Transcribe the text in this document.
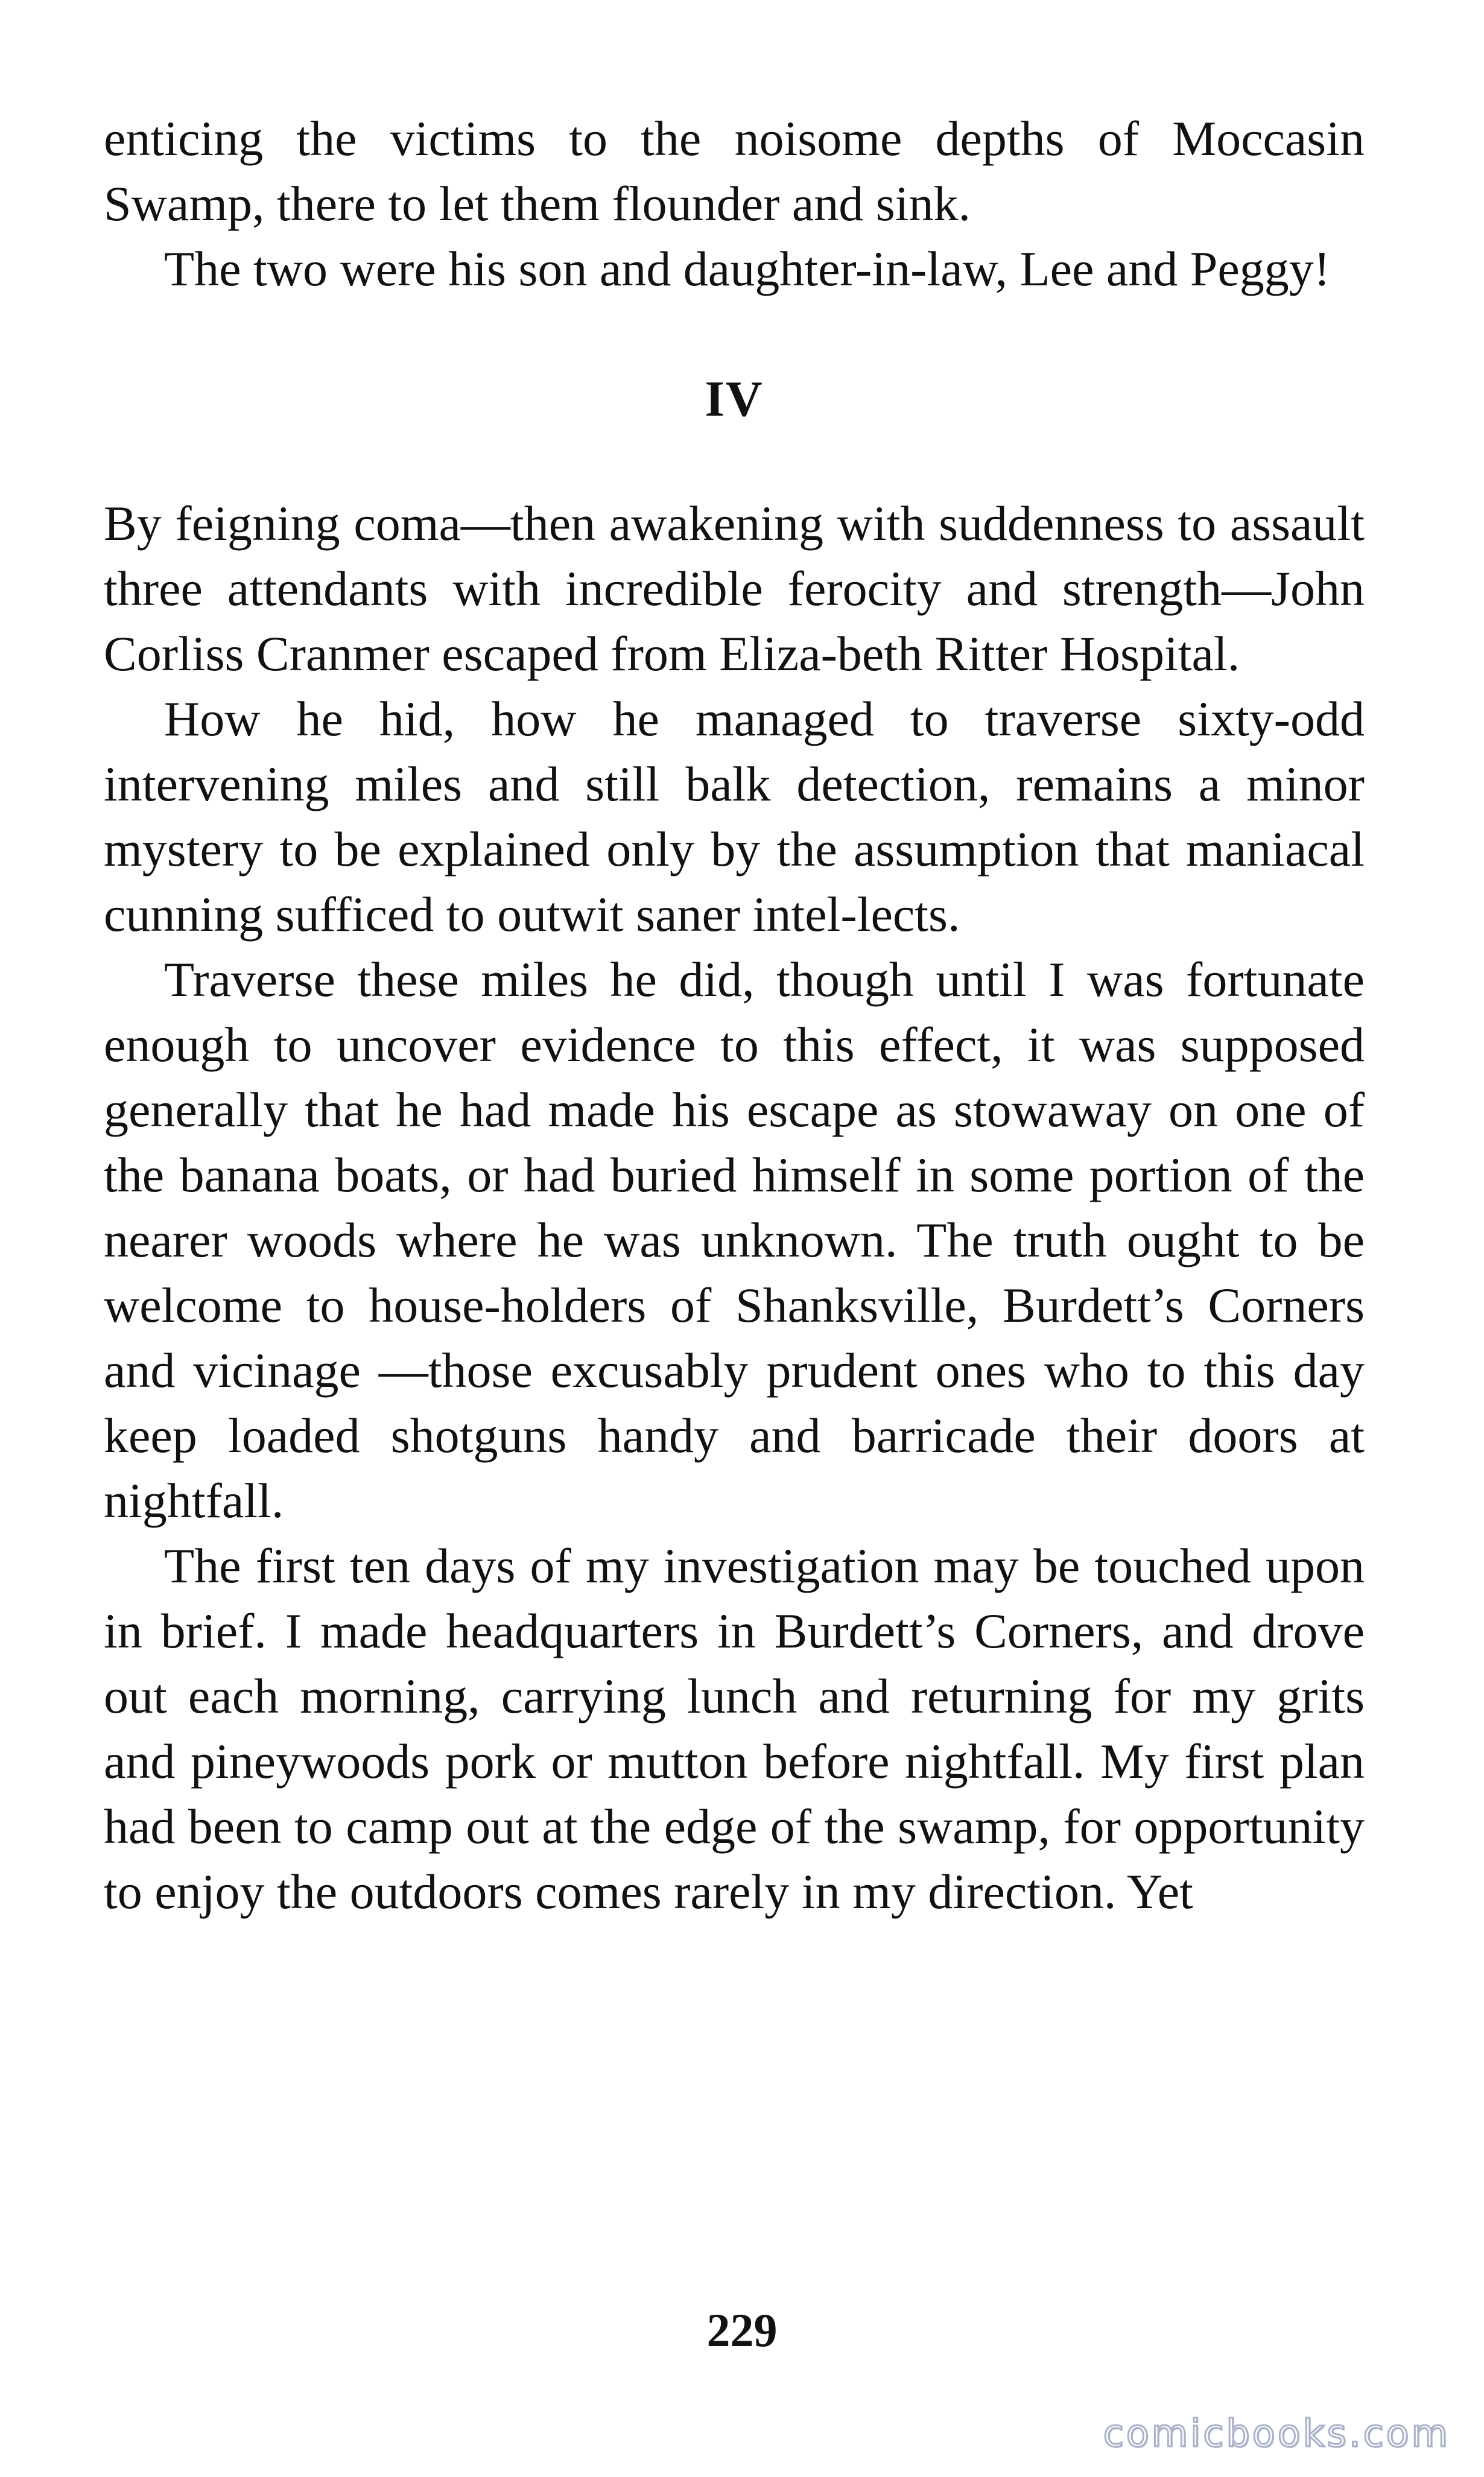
enticing the victims to the noisome depths of Moccasin Swamp, there to let them flounder and sink.

The two were his son and daughter-in-law, Lee and Peggy!

IV

By feigning coma—then awakening with suddenness to assault three attendants with incredible ferocity and strength—John Corliss Cranmer escaped from Eliza-beth Ritter Hospital.

How he hid, how he managed to traverse sixty-odd intervening miles and still balk detection, remains a minor mystery to be explained only by the assumption that maniacal cunning sufficed to outwit saner intel-lects.

Traverse these miles he did, though until I was fortunate enough to uncover evidence to this effect, it was supposed generally that he had made his escape as stowaway on one of the banana boats, or had buried himself in some portion of the nearer woods where he was unknown. The truth ought to be welcome to house-holders of Shanksville, Burdett’s Corners and vicinage —those excusably prudent ones who to this day keep loaded shotguns handy and barricade their doors at nightfall.

The first ten days of my investigation may be touched upon in brief. I made headquarters in Burdett’s Corners, and drove out each morning, carrying lunch and returning for my grits and pineywoods pork or mutton before nightfall. My first plan had been to camp out at the edge of the swamp, for opportunity to enjoy the outdoors comes rarely in my direction. Yet

229
comicbooks.com
